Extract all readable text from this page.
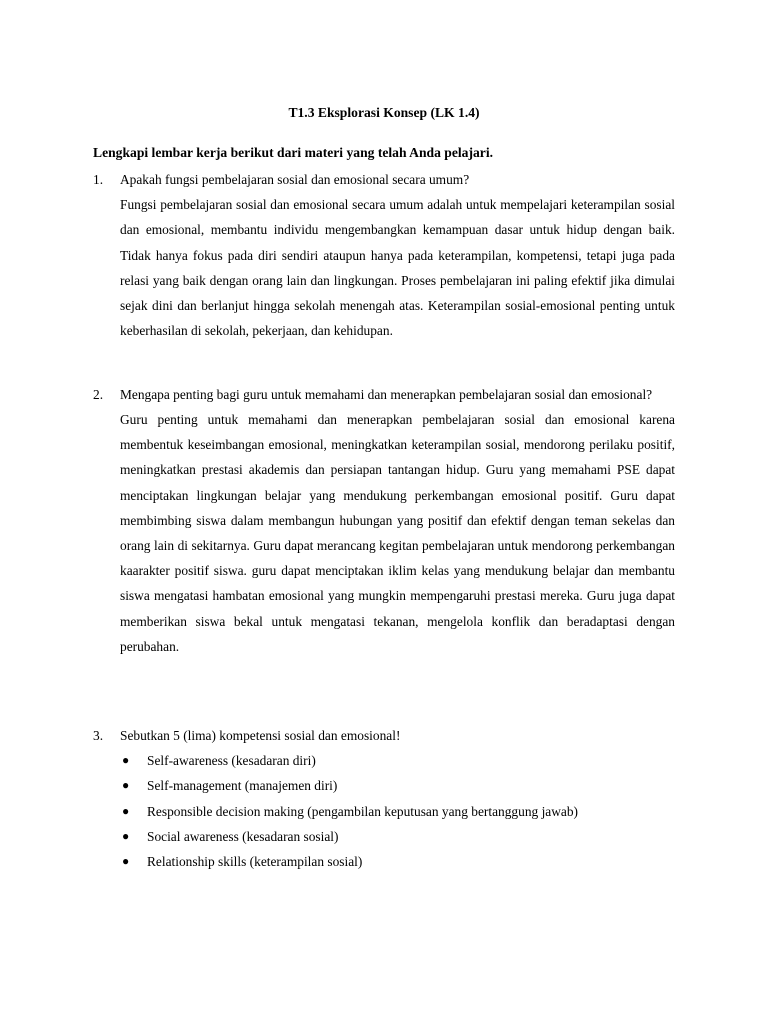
T1.3 Eksplorasi Konsep (LK 1.4)
Lengkapi lembar kerja berikut dari materi yang telah Anda pelajari.
1. Apakah fungsi pembelajaran sosial dan emosional secara umum?
Fungsi pembelajaran sosial dan emosional secara umum adalah untuk mempelajari keterampilan sosial dan emosional, membantu individu mengembangkan kemampuan dasar untuk hidup dengan baik. Tidak hanya fokus pada diri sendiri ataupun hanya pada keterampilan, kompetensi, tetapi juga pada relasi yang baik dengan orang lain dan lingkungan. Proses pembelajaran ini paling efektif jika dimulai sejak dini dan berlanjut hingga sekolah menengah atas. Keterampilan sosial-emosional penting untuk keberhasilan di sekolah, pekerjaan, dan kehidupan.
2. Mengapa penting bagi guru untuk memahami dan menerapkan pembelajaran sosial dan emosional?
Guru penting untuk memahami dan menerapkan pembelajaran sosial dan emosional karena membentuk keseimbangan emosional, meningkatkan keterampilan sosial, mendorong perilaku positif, meningkatkan prestasi akademis dan persiapan tantangan hidup. Guru yang memahami PSE dapat menciptakan lingkungan belajar yang mendukung perkembangan emosional positif. Guru dapat membimbing siswa dalam membangun hubungan yang positif dan efektif dengan teman sekelas dan orang lain di sekitarnya. Guru dapat merancang kegitan pembelajaran untuk mendorong perkembangan kaarakter positif siswa. guru dapat menciptakan iklim kelas yang mendukung belajar dan membantu siswa mengatasi hambatan emosional yang mungkin mempengaruhi prestasi mereka. Guru juga dapat memberikan siswa bekal untuk mengatasi tekanan, mengelola konflik dan beradaptasi dengan perubahan.
3. Sebutkan 5 (lima) kompetensi sosial dan emosional!
● Self-awareness (kesadaran diri)
● Self-management (manajemen diri)
● Responsible decision making (pengambilan keputusan yang bertanggung jawab)
● Social awareness (kesadaran sosial)
● Relationship skills (keterampilan sosial)
